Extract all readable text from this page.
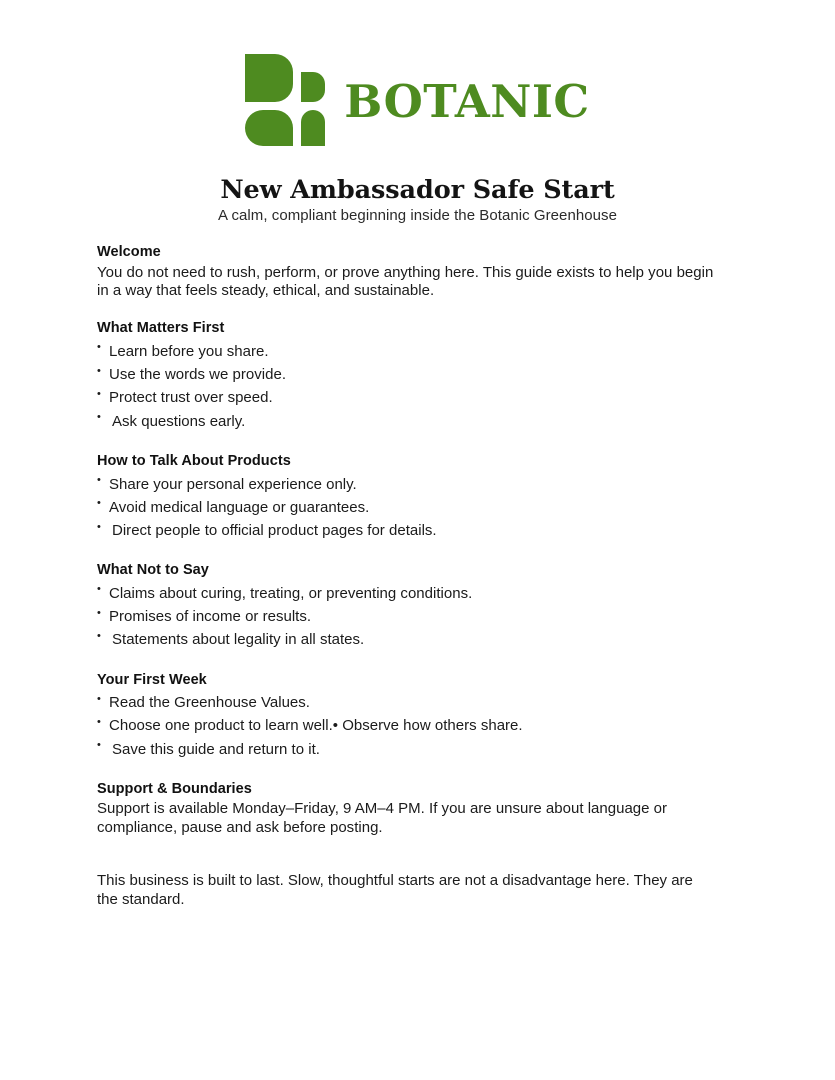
BOTANIC
New Ambassador Safe Start
A calm, compliant beginning inside the Botanic Greenhouse
Welcome

You do not need to rush, perform, or prove anything here. This guide exists to help you begin in a way that feels steady, ethical, and sustainable.

What Matters First
• Learn before you share.
• Use the words we provide.
• Protect trust over speed.
• Ask questions early.
How to Talk About Products
• Share your personal experience only.
• Avoid medical language or guarantees.
• Direct people to official product pages for details.
What Not to Say
• Claims about curing, treating, or preventing conditions.
• Promises of income or results.
• Statements about legality in all states.
Your First Week
• Read the Greenhouse Values.
• Choose one product to learn well.• Observe how others share.
• Save this guide and return to it.
Support & Boundaries

Support is available Monday–Friday, 9 AM–4 PM. If you are unsure about language or compliance, pause and ask before posting.

This business is built to last. Slow, thoughtful starts are not a disadvantage here. They are the standard.
